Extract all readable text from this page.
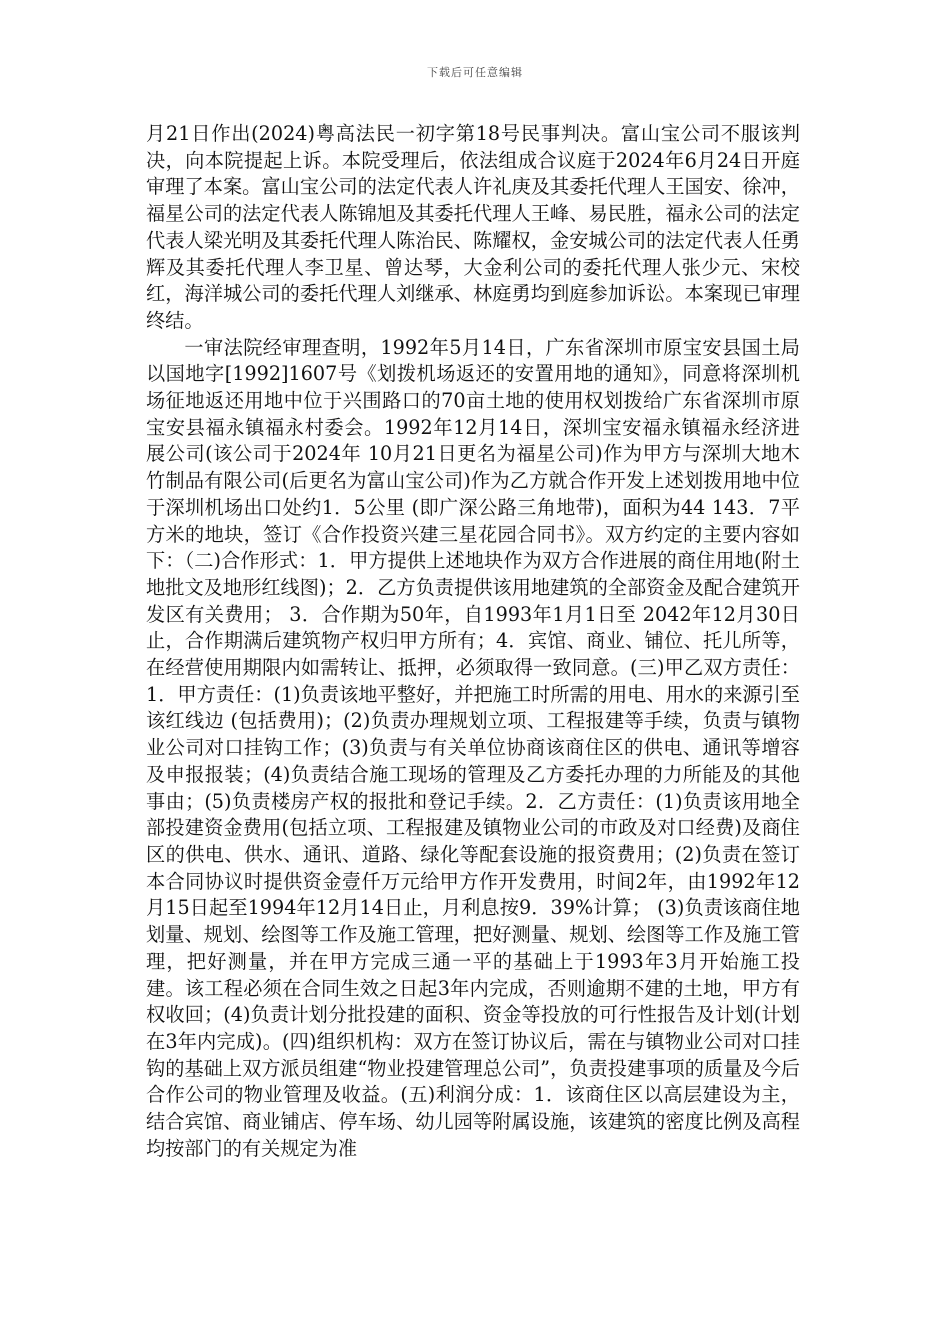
下载后可任意编辑

月21日作出(2024)粤高法民一初字第18号民事判决。富山宝公司不服该判决，向本院提起上诉。本院受理后，依法组成合议庭于2024年6月24日开庭审理了本案。富山宝公司的法定代表人许礼庚及其委托代理人王国安、徐冲，福星公司的法定代表人陈锦旭及其委托代理人王峰、易民胜，福永公司的法定代表人梁光明及其委托代理人陈治民、陈耀权，金安城公司的法定代表人任勇辉及其委托代理人李卫星、曾达琴，大金利公司的委托代理人张少元、宋校红，海洋城公司的委托代理人刘继承、林庭勇均到庭参加诉讼。本案现已审理终结。

一审法院经审理查明，1992年5月14日，广东省深圳市原宝安县国土局以国地字[1992]1607号《划拨机场返还的安置用地的通知》，同意将深圳机场征地返还用地中位于兴围路口的70亩土地的使用权划拨给广东省深圳市原宝安县福永镇福永村委会。1992年12月14日，深圳宝安福永镇福永经济进展公司(该公司于2024年 10月21日更名为福星公司)作为甲方与深圳大地木竹制品有限公司(后更名为富山宝公司)作为乙方就合作开发上述划拨用地中位于深圳机场出口处约1．5公里 (即广深公路三角地带)，面积为44 143．7平方米的地块，签订《合作投资兴建三星花园合同书》。双方约定的主要内容如下：（二)合作形式：1．甲方提供上述地块作为双方合作进展的商住用地(附土地批文及地形红线图)；2．乙方负责提供该用地建筑的全部资金及配合建筑开发区有关费用； 3．合作期为50年，自1993年1月1日至 2042年12月30日止，合作期满后建筑物产权归甲方所有；4．宾馆、商业、铺位、托儿所等，在经营使用期限内如需转让、抵押，必须取得一致同意。(三)甲乙双方责任：1．甲方责任：(1)负责该地平整好，并把施工时所需的用电、用水的来源引至该红线边 (包括费用)；(2)负责办理规划立项、工程报建等手续，负责与镇物业公司对口挂钩工作；(3)负责与有关单位协商该商住区的供电、通讯等增容及申报报装；(4)负责结合施工现场的管理及乙方委托办理的力所能及的其他事由；(5)负责楼房产权的报批和登记手续。2．乙方责任：(1)负责该用地全部投建资金费用(包括立项、工程报建及镇物业公司的市政及对口经费)及商住区的供电、供水、通讯、道路、绿化等配套设施的报资费用；(2)负责在签订本合同协议时提供资金壹仟万元给甲方作开发费用，时间2年，由1992年12月15日起至1994年12月14日止，月利息按9．39%计算； (3)负责该商住地划量、规划、绘图等工作及施工管理，把好测量、规划、绘图等工作及施工管理，把好测量，并在甲方完成三通一平的基础上于1993年3月开始施工投建。该工程必须在合同生效之日起3年内完成，否则逾期不建的土地，甲方有权收回；(4)负责计划分批投建的面积、资金等投放的可行性报告及计划(计划在3年内完成)。(四)组织机构：双方在签订协议后，需在与镇物业公司对口挂钩的基础上双方派员组建“物业投建管理总公司”，负责投建事项的质量及今后合作公司的物业管理及收益。(五)利润分成：1．该商住区以高层建设为主，结合宾馆、商业铺店、停车场、幼儿园等附属设施，该建筑的密度比例及高程均按部门的有关规定为准
